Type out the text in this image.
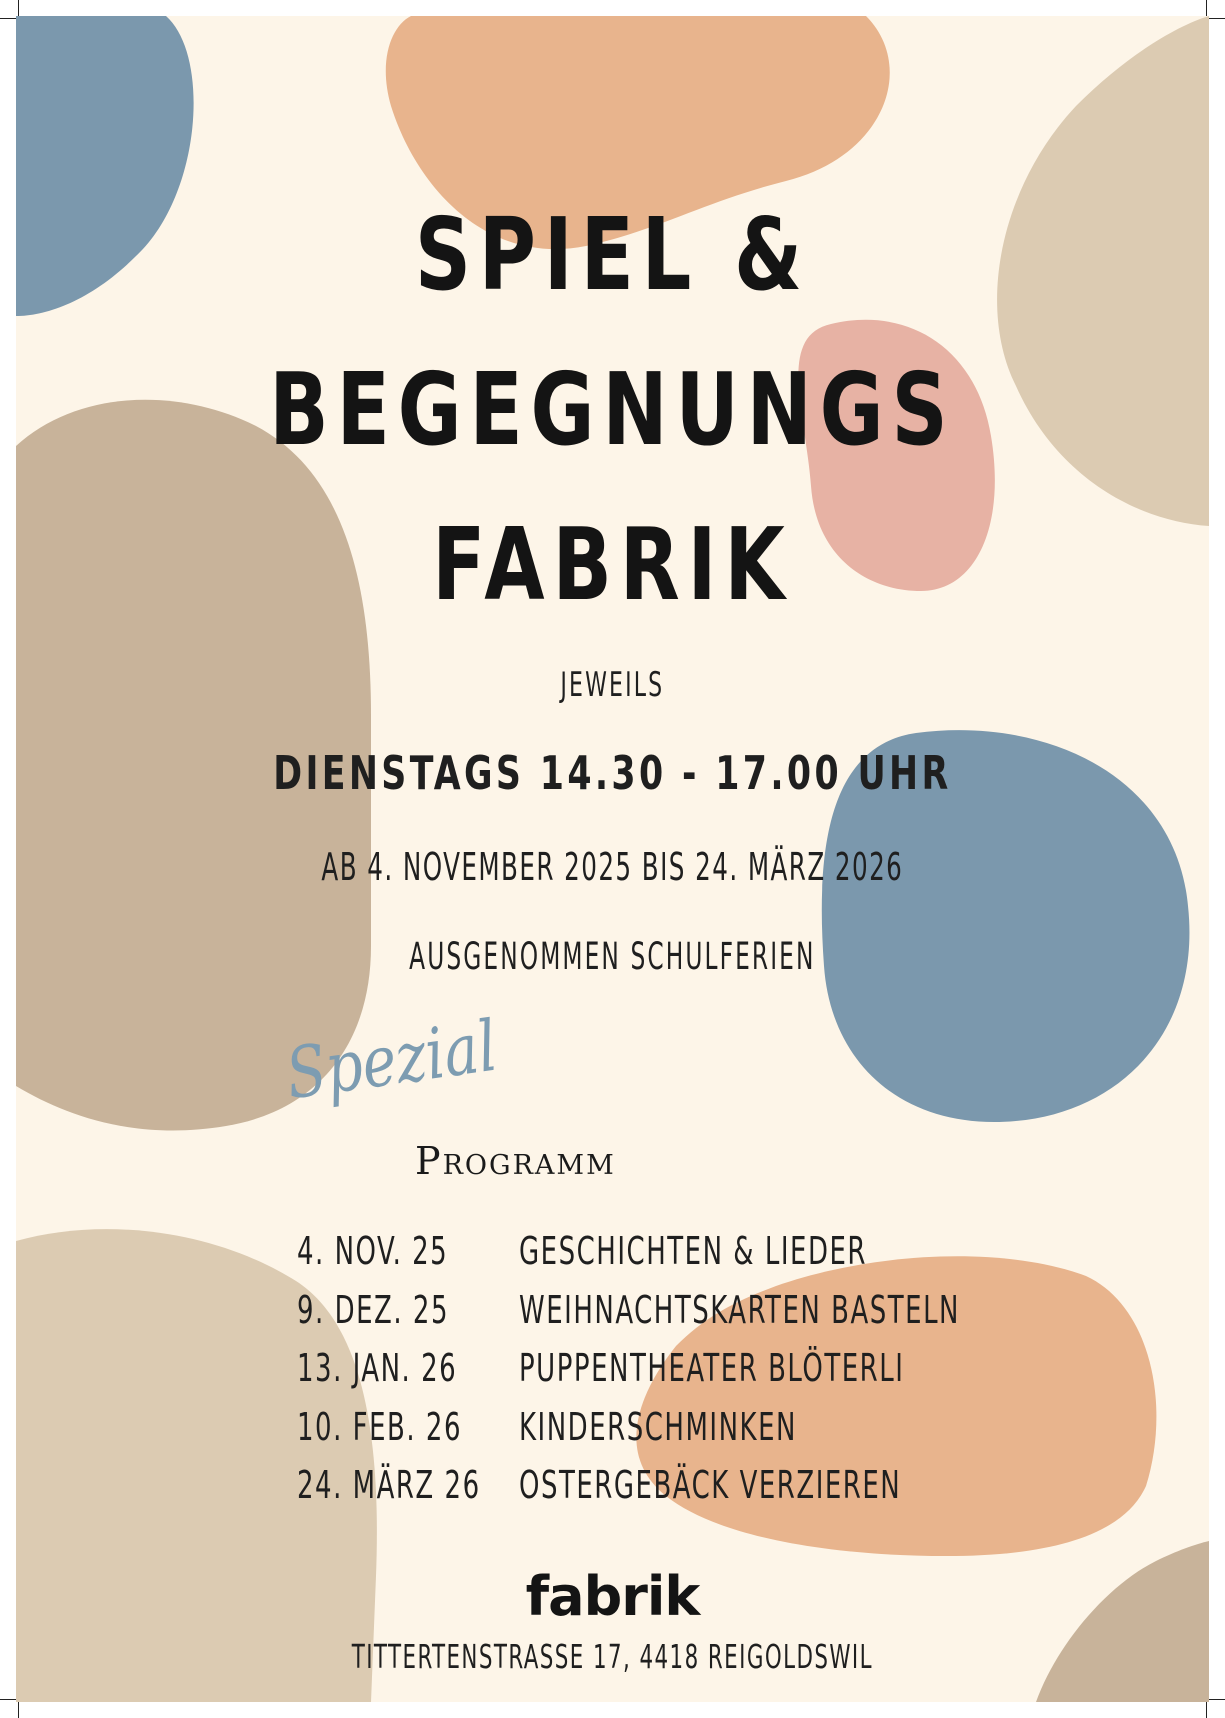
SPIEL &
BEGEGNUNGS
FABRIK
JEWEILS
DIENSTAGS 14.30 - 17.00 UHR
AB 4. NOVEMBER 2025 BIS 24. MÄRZ 2026
AUSGENOMMEN SCHULFERIEN
Spezial
Programm
4. NOV. 25 GESCHICHTEN & LIEDER
9. DEZ. 25 WEIHNACHTSKARTEN BASTELN
13. JAN. 26 PUPPENTHEATER BLÖTERLI
10. FEB. 26 KINDERSCHMINKEN
24. MÄRZ 26 OSTERGEBÄCK VERZIEREN
fabrik
TITTERTENSTRASSE 17, 4418 REIGOLDSWIL
